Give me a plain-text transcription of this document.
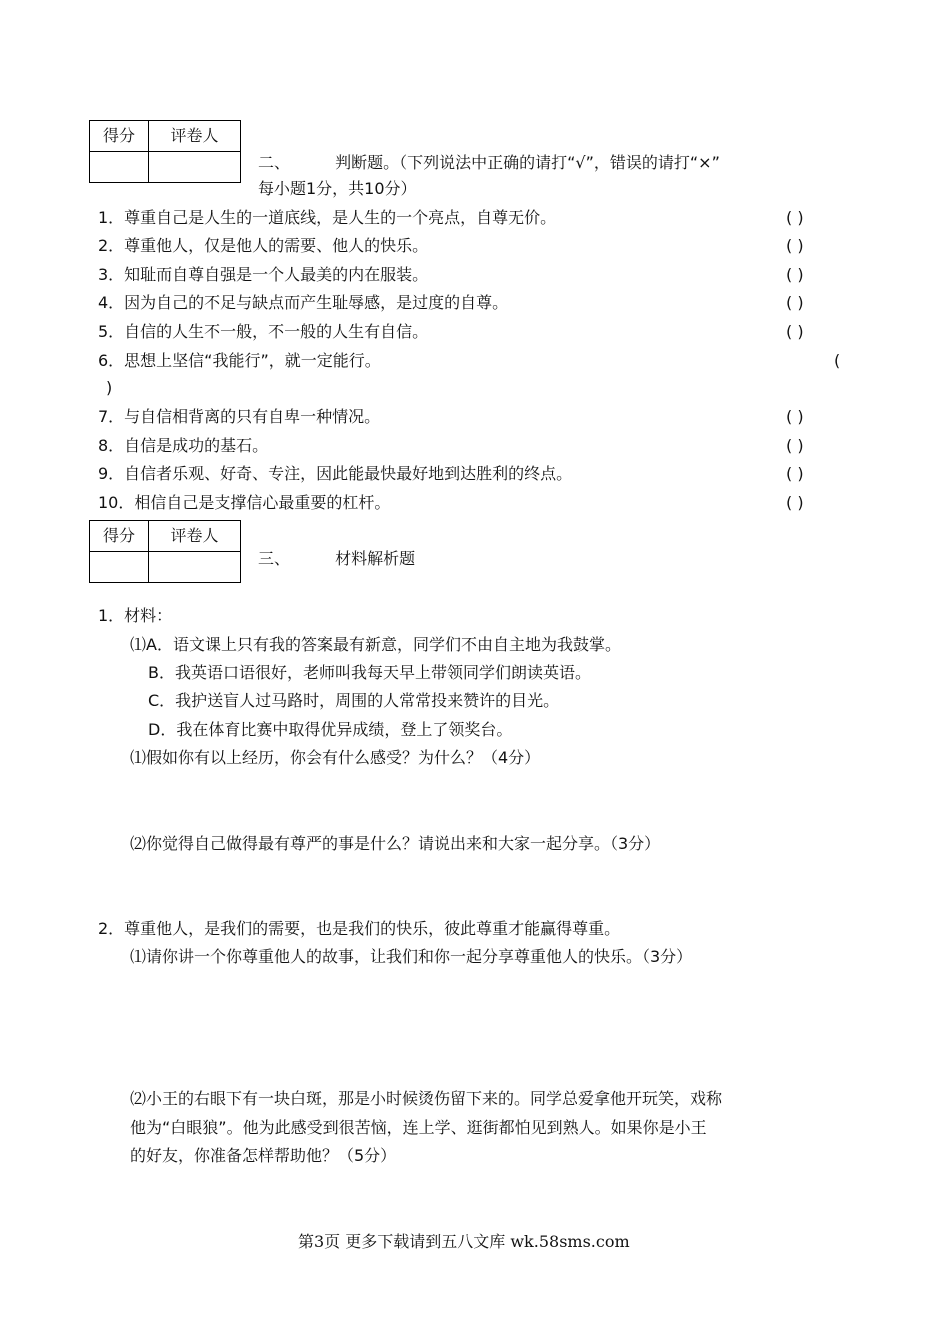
得分	评卷人

二、	判断题。（下列说法中正确的请打“√”，错误的请打“×”
每小题1分，共10分）
1．尊重自己是人生的一道底线，是人生的一个亮点，自尊无价。	( )
2．尊重他人，仅是他人的需要、他人的快乐。	( )
3．知耻而自尊自强是一个人最美的内在服装。	( )
4．因为自己的不足与缺点而产生耻辱感，是过度的自尊。	( )
5．自信的人生不一般，不一般的人生有自信。	( )
6．思想上坚信“我能行”，就一定能行。	(
)
7．与自信相背离的只有自卑一种情况。	( )
8．自信是成功的基石。	( )
9．自信者乐观、好奇、专注，因此能最快最好地到达胜利的终点。	( )
10．相信自己是支撑信心最重要的杠杆。	( )
得分	评卷人

三、	材料解析题
1．材料：
⑴A．语文课上只有我的答案最有新意，同学们不由自主地为我鼓掌。
B．我英语口语很好，老师叫我每天早上带领同学们朗读英语。
C．我护送盲人过马路时，周围的人常常投来赞许的目光。
D．我在体育比赛中取得优异成绩，登上了领奖台。
⑴假如你有以上经历，你会有什么感受？为什么？（4分）
⑵你觉得自己做得最有尊严的事是什么？请说出来和大家一起分享。（3分）
2．尊重他人，是我们的需要，也是我们的快乐，彼此尊重才能赢得尊重。
⑴请你讲一个你尊重他人的故事，让我们和你一起分享尊重他人的快乐。（3分）
⑵小王的右眼下有一块白斑，那是小时候烫伤留下来的。同学总爱拿他开玩笑，戏称
他为“白眼狼”。他为此感受到很苦恼，连上学、逛街都怕见到熟人。如果你是小王
的好友，你准备怎样帮助他？（5分）
第3页 更多下载请到五八文库 wk.58sms.com
